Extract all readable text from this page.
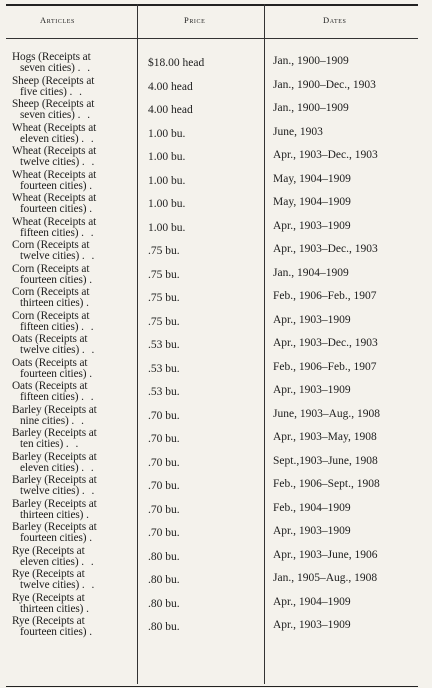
Articles	Price	Dates
Hogs (Receipts at
seven cities) . .	$18.00 head	Jan., 1900–1909
Sheep (Receipts at
five cities) . .	4.00 head	Jan., 1900–Dec., 1903
Sheep (Receipts at
seven cities) . .	4.00 head	Jan., 1900–1909
Wheat (Receipts at
eleven cities) . .	1.00 bu.	June, 1903
Wheat (Receipts at
twelve cities) . .	1.00 bu.	Apr., 1903–Dec., 1903
Wheat (Receipts at
fourteen cities) .	1.00 bu.	May, 1904–1909
Wheat (Receipts at
fourteen cities) .	1.00 bu.	May, 1904–1909
Wheat (Receipts at
fifteen cities) . .	1.00 bu.	Apr., 1903–1909
Corn (Receipts at
twelve cities) . .	.75 bu.	Apr., 1903–Dec., 1903
Corn (Receipts at
fourteen cities) .	.75 bu.	Jan., 1904–1909
Corn (Receipts at
thirteen cities) .	.75 bu.	Feb., 1906–Feb., 1907
Corn (Receipts at
fifteen cities) . .	.75 bu.	Apr., 1903–1909
Oats (Receipts at
twelve cities) . .	.53 bu.	Apr., 1903–Dec., 1903
Oats (Receipts at
fourteen cities) .	.53 bu.	Feb., 1906–Feb., 1907
Oats (Receipts at
fifteen cities) . .	.53 bu.	Apr., 1903–1909
Barley (Receipts at
nine cities) . .	.70 bu.	June, 1903–Aug., 1908
Barley (Receipts at
ten cities) . .	.70 bu.	Apr., 1903–May, 1908
Barley (Receipts at
eleven cities) . .	.70 bu.	Sept.,1903–June, 1908
Barley (Receipts at
twelve cities) . .	.70 bu.	Feb., 1906–Sept., 1908
Barley (Receipts at
thirteen cities) .	.70 bu.	Feb., 1904–1909
Barley (Receipts at
fourteen cities) .	.70 bu.	Apr., 1903–1909
Rye (Receipts at
eleven cities) . .	.80 bu.	Apr., 1903–June, 1906
Rye (Receipts at
twelve cities) . .	.80 bu.	Jan., 1905–Aug., 1908
Rye (Receipts at
thirteen cities) .	.80 bu.	Apr., 1904–1909
Rye (Receipts at
fourteen cities) .	.80 bu.	Apr., 1903–1909
